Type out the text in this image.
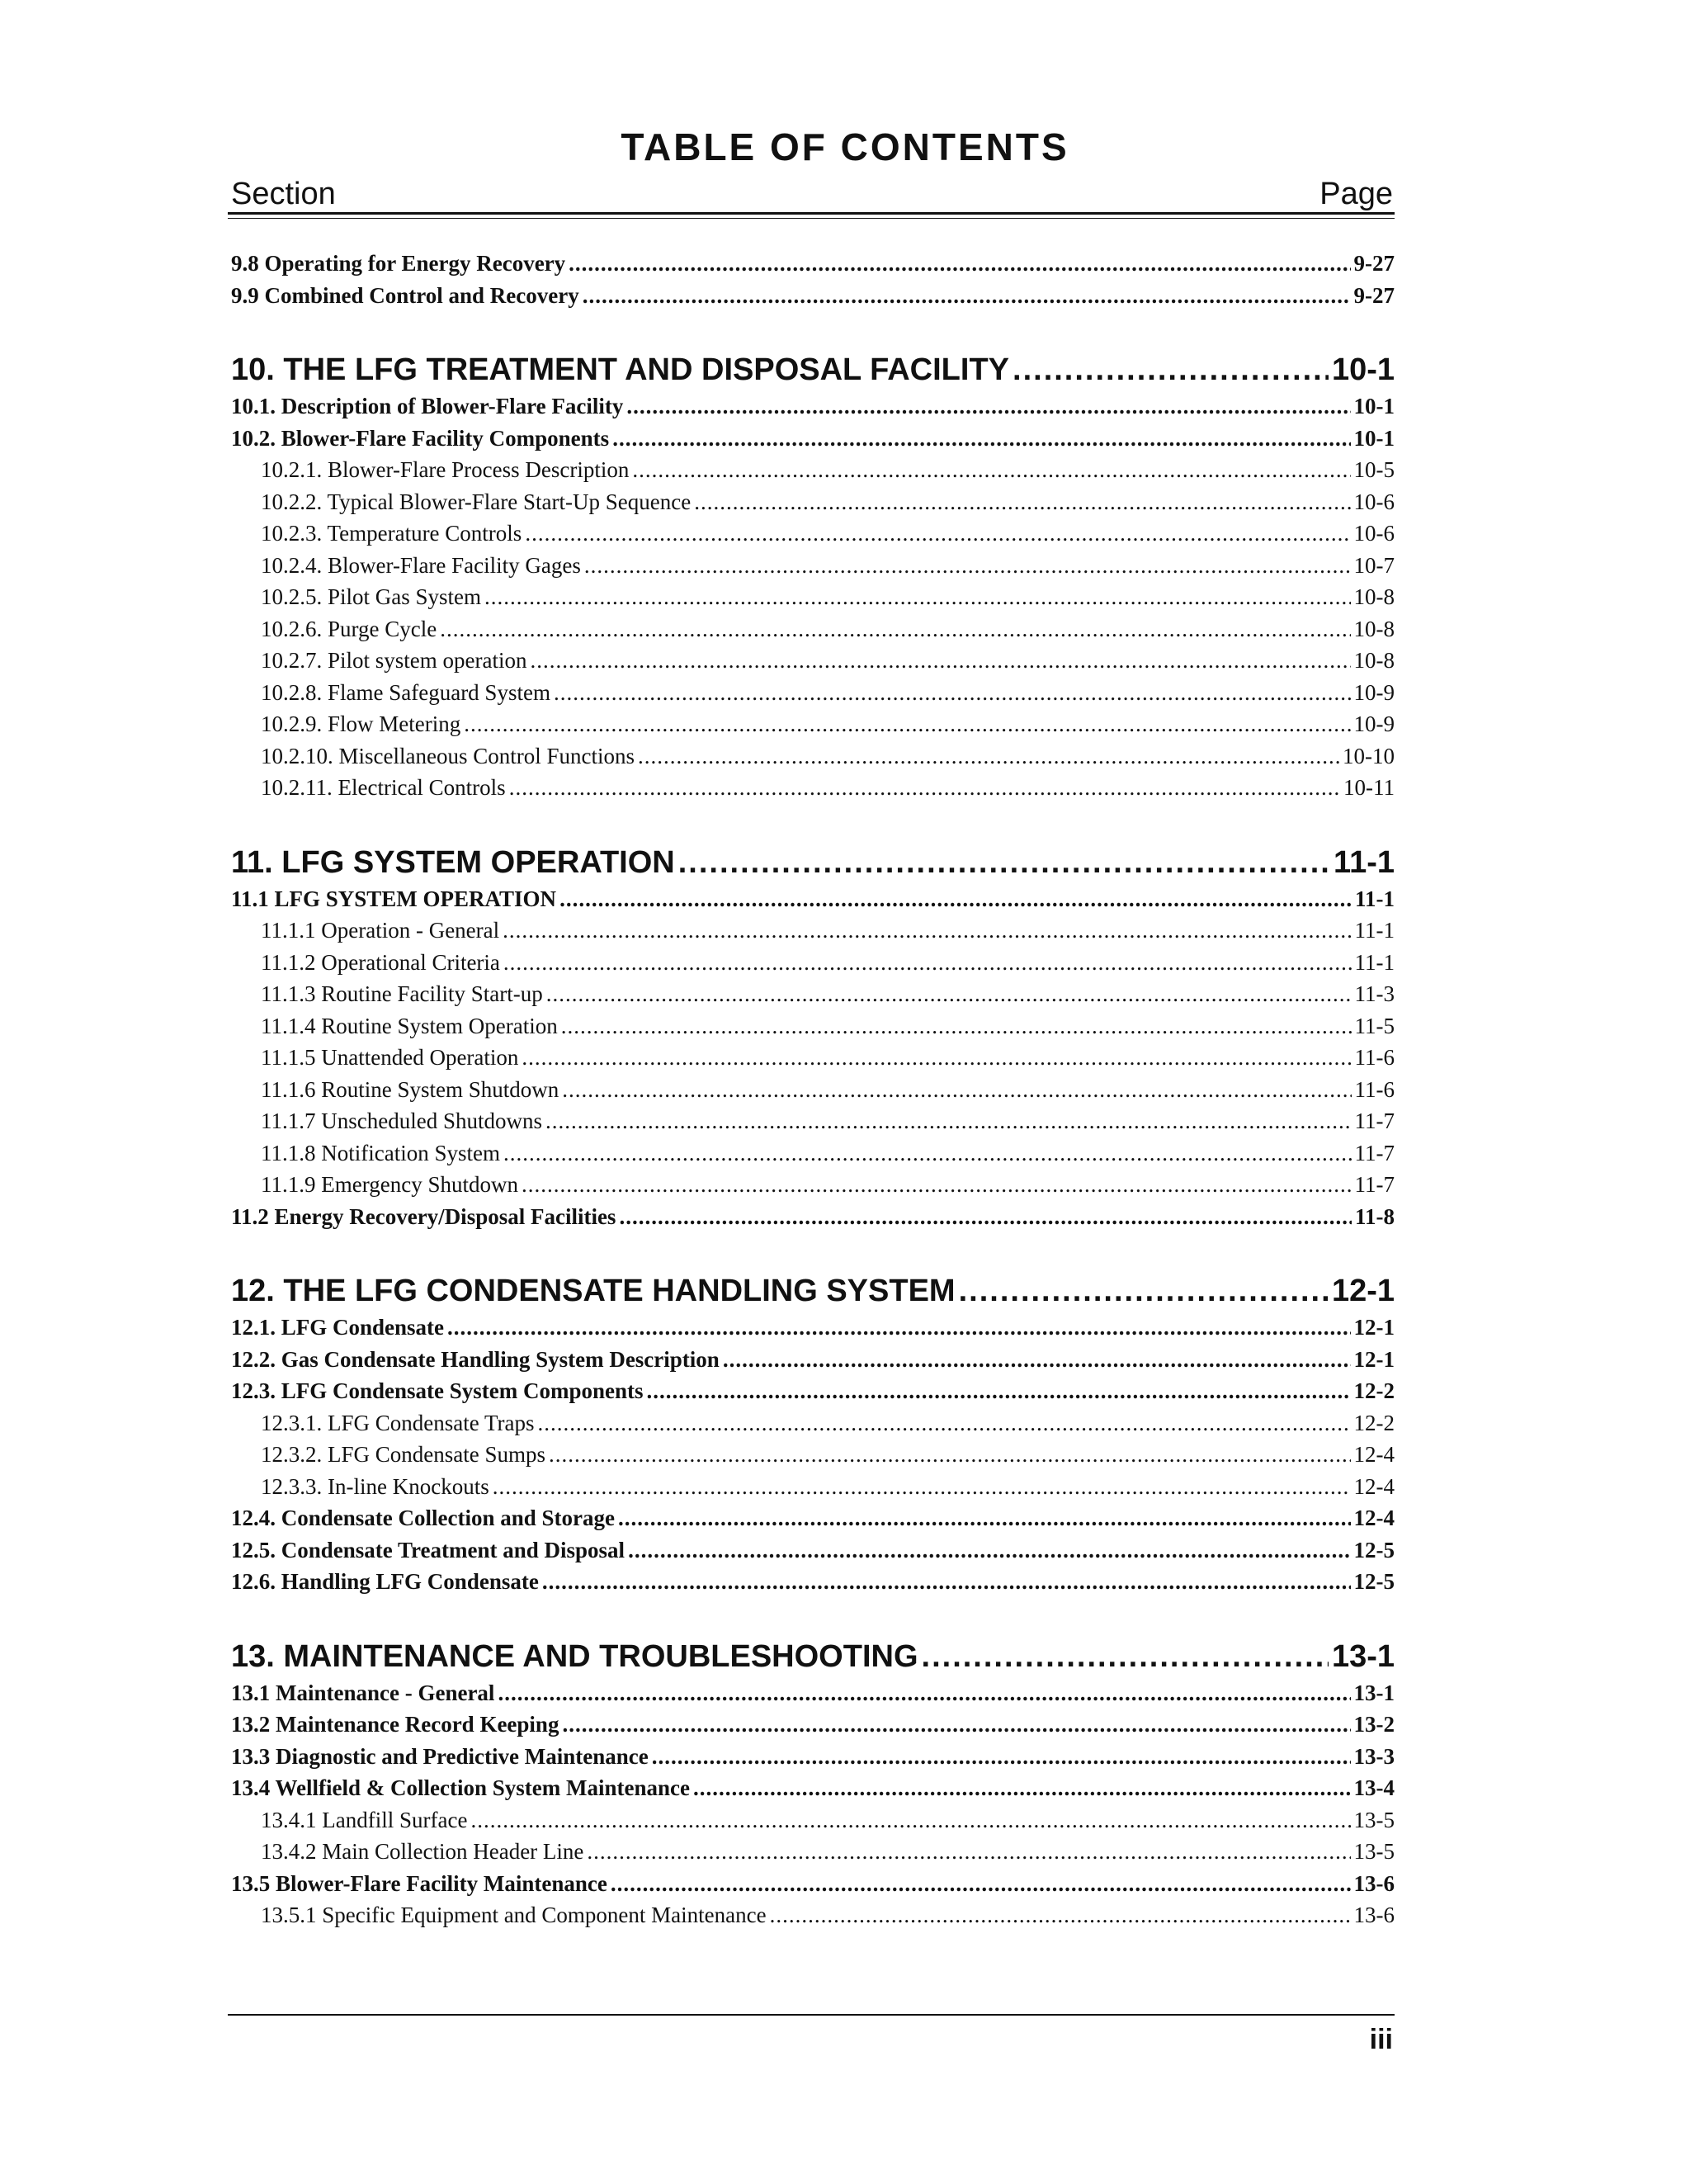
TABLE OF CONTENTS
Section	Page
9.8 Operating for Energy Recovery .....	9-27
9.9 Combined Control and Recovery .....	9-27
10. THE LFG TREATMENT AND DISPOSAL FACILITY .....	10-1
10.1. Description of Blower-Flare Facility .....	10-1
10.2. Blower-Flare Facility Components .....	10-1
10.2.1. Blower-Flare Process Description .....	10-5
10.2.2. Typical Blower-Flare Start-Up Sequence .....	10-6
10.2.3. Temperature Controls .....	10-6
10.2.4. Blower-Flare Facility Gages .....	10-7
10.2.5. Pilot Gas System .....	10-8
10.2.6. Purge Cycle .....	10-8
10.2.7. Pilot system operation .....	10-8
10.2.8. Flame Safeguard System .....	10-9
10.2.9. Flow Metering .....	10-9
10.2.10. Miscellaneous Control Functions .....	10-10
10.2.11. Electrical Controls .....	10-11
11. LFG SYSTEM OPERATION .....	11-1
11.1 LFG SYSTEM OPERATION .....	11-1
11.1.1 Operation - General .....	11-1
11.1.2 Operational Criteria .....	11-1
11.1.3 Routine Facility Start-up .....	11-3
11.1.4 Routine System Operation .....	11-5
11.1.5 Unattended Operation .....	11-6
11.1.6 Routine System Shutdown .....	11-6
11.1.7 Unscheduled Shutdowns .....	11-7
11.1.8 Notification System .....	11-7
11.1.9 Emergency Shutdown .....	11-7
11.2 Energy Recovery/Disposal Facilities .....	11-8
12. THE LFG CONDENSATE HANDLING SYSTEM .....	12-1
12.1. LFG Condensate .....	12-1
12.2. Gas Condensate Handling System Description .....	12-1
12.3. LFG Condensate System Components .....	12-2
12.3.1. LFG Condensate Traps .....	12-2
12.3.2. LFG Condensate Sumps .....	12-4
12.3.3. In-line Knockouts .....	12-4
12.4. Condensate Collection and Storage .....	12-4
12.5. Condensate Treatment and Disposal .....	12-5
12.6. Handling LFG Condensate .....	12-5
13. MAINTENANCE AND TROUBLESHOOTING .....	13-1
13.1 Maintenance - General .....	13-1
13.2 Maintenance Record Keeping .....	13-2
13.3 Diagnostic and Predictive Maintenance .....	13-3
13.4 Wellfield & Collection System Maintenance .....	13-4
13.4.1 Landfill Surface .....	13-5
13.4.2 Main Collection Header Line .....	13-5
13.5 Blower-Flare Facility Maintenance .....	13-6
13.5.1 Specific Equipment and Component Maintenance .....	13-6
iii
